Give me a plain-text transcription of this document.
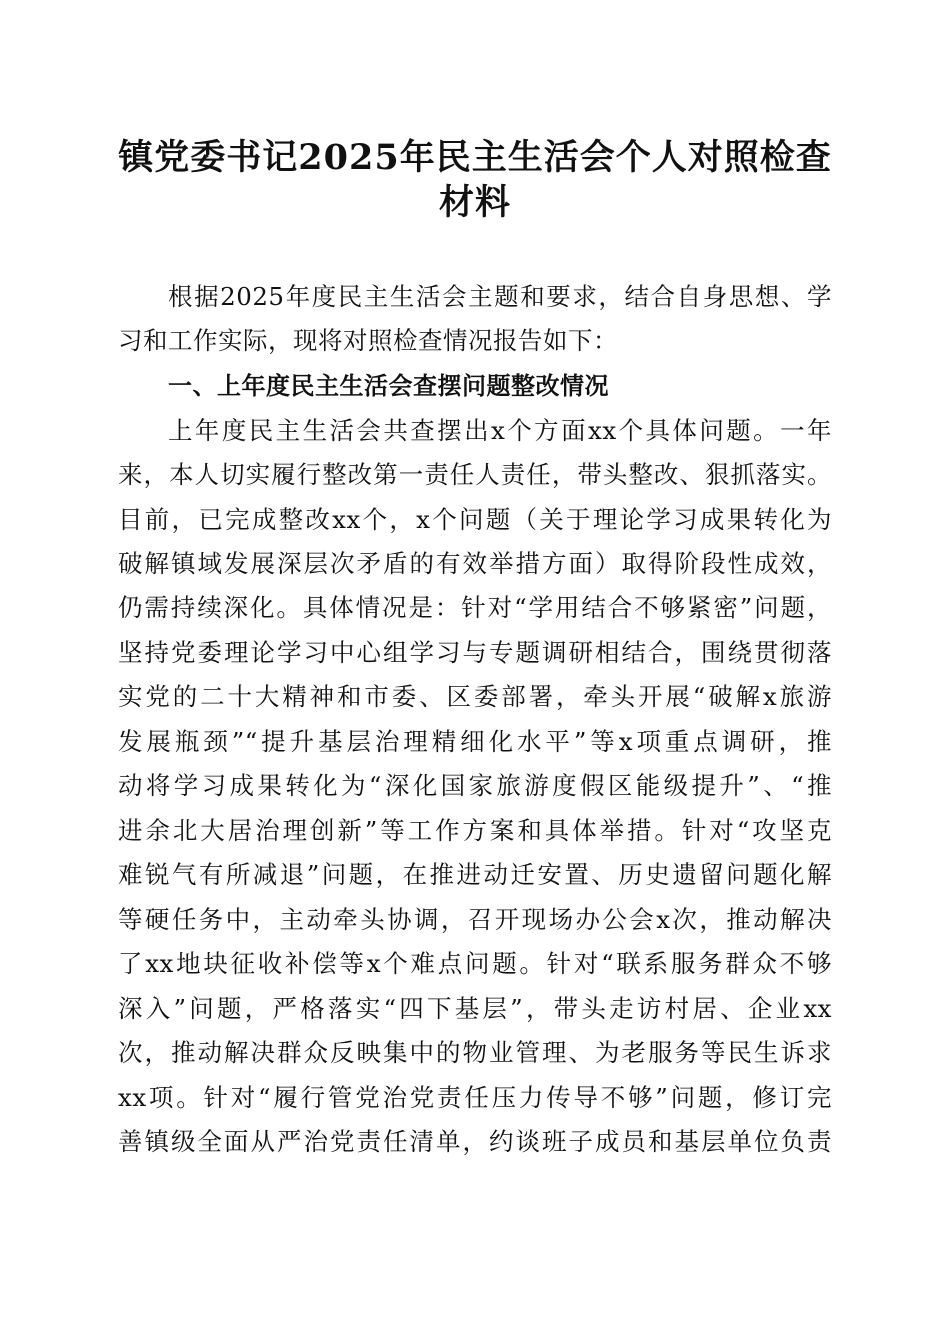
镇党委书记2025年民主生活会个人对照检查
材料
根据2025年度民主生活会主题和要求，结合自身思想、学
习和工作实际，现将对照检查情况报告如下：
一、上年度民主生活会查摆问题整改情况
上年度民主生活会共查摆出x个方面xx个具体问题。一年
来，本人切实履行整改第一责任人责任，带头整改、狠抓落实。
目前，已完成整改xx个，x个问题（关于理论学习成果转化为
破解镇域发展深层次矛盾的有效举措方面）取得阶段性成效，
仍需持续深化。具体情况是：针对“学用结合不够紧密”问题，
坚持党委理论学习中心组学习与专题调研相结合，围绕贯彻落
实党的二十大精神和市委、区委部署，牵头开展“破解x旅游
发展瓶颈”“提升基层治理精细化水平”等x项重点调研，推
动将学习成果转化为“深化国家旅游度假区能级提升”、“推
进余北大居治理创新”等工作方案和具体举措。针对“攻坚克
难锐气有所减退”问题，在推进动迁安置、历史遗留问题化解
等硬任务中，主动牵头协调，召开现场办公会x次，推动解决
了xx地块征收补偿等x个难点问题。针对“联系服务群众不够
深入”问题，严格落实“四下基层”，带头走访村居、企业xx
次，推动解决群众反映集中的物业管理、为老服务等民生诉求
xx项。针对“履行管党治党责任压力传导不够”问题，修订完
善镇级全面从严治党责任清单，约谈班子成员和基层单位负责
